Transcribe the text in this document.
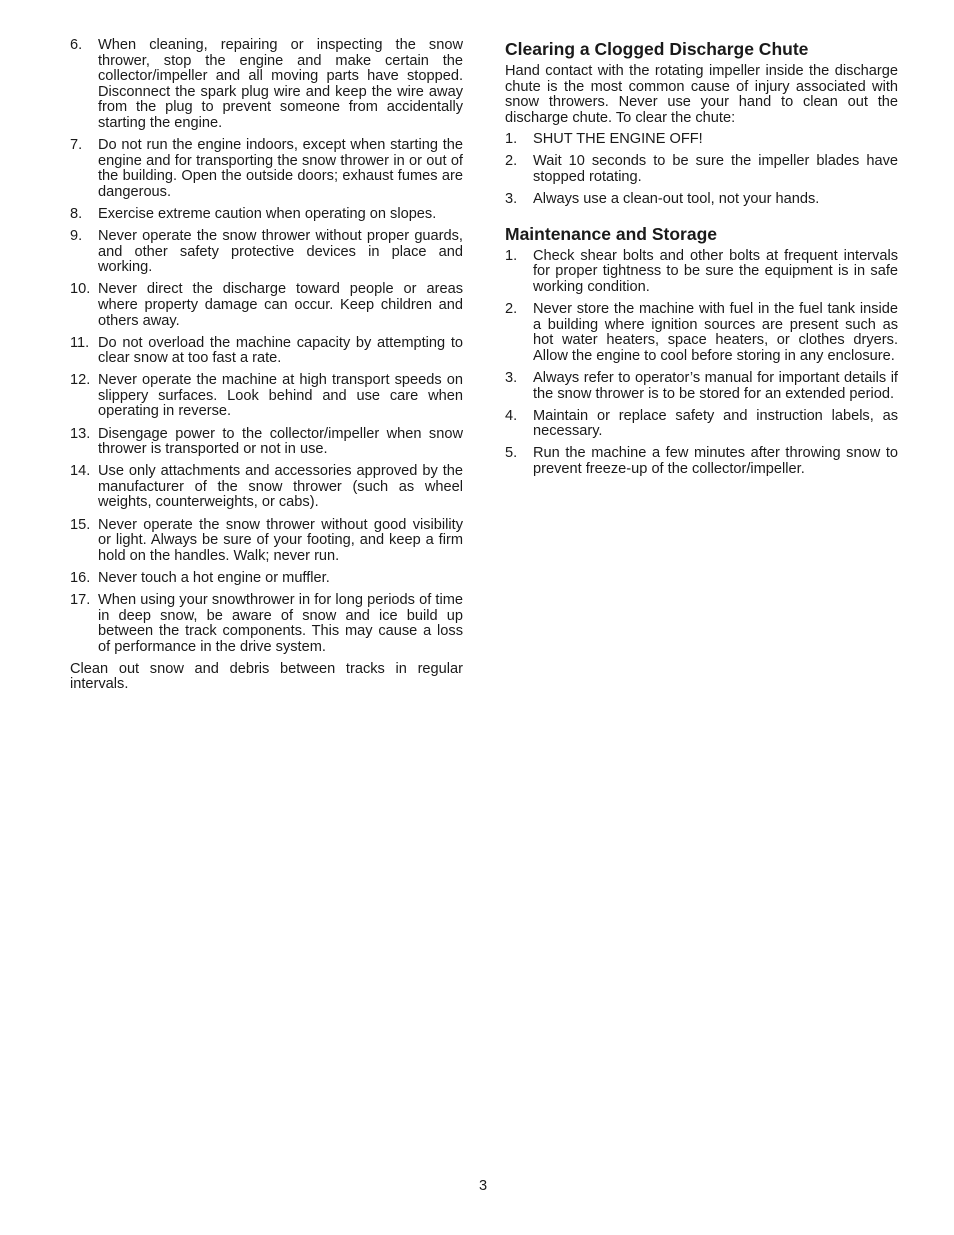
6.	When cleaning, repairing or inspecting the snow thrower, stop the engine and make certain the collector/impeller and all moving parts have stopped. Disconnect the spark plug wire and keep the wire away from the plug to prevent someone from accidentally starting the engine.
7.	Do not run the engine indoors, except when starting the engine and for transporting the snow thrower in or out of the building. Open the outside doors; exhaust fumes are dangerous.
8.	Exercise extreme caution when operating on slopes.
9.	Never operate the snow thrower without proper guards, and other safety protective devices in place and working.
10. Never direct the discharge toward people or areas where property damage can occur. Keep children and others away.
11. Do not overload the machine capacity by attempting to clear snow at too fast a rate.
12. Never operate the machine at high transport speeds on slippery surfaces. Look behind and use care when operating in reverse.
13. Disengage power to the collector/impeller when snow thrower is transported or not in use.
14. Use only attachments and accessories approved by the manufacturer of the snow thrower (such as wheel weights, counterweights, or cabs).
15. Never operate the snow thrower without good visibility or light. Always be sure of your footing, and keep a firm hold on the handles. Walk; never run.
16. Never touch a hot engine or muffler.
17. When using your snowthrower in for long periods of time in deep snow, be aware of snow and ice build up between the track components. This may cause a loss of performance in the drive system.

Clean out snow and debris between tracks in regular intervals.

Clearing a Clogged Discharge Chute

Hand contact with the rotating impeller inside the discharge chute is the most common cause of injury associated with snow throwers. Never use your hand to clean out the discharge chute. To clear the chute:

1.	SHUT THE ENGINE OFF!
2.	Wait 10 seconds to be sure the impeller blades have stopped rotating.
3.	Always use a clean-out tool, not your hands.
Maintenance and Storage
1.	Check shear bolts and other bolts at frequent intervals for proper tightness to be sure the equipment is in safe working condition.
2.	Never store the machine with fuel in the fuel tank inside a building where ignition sources are present such as hot water heaters, space heaters, or clothes dryers. Allow the engine to cool before storing in any enclosure.
3.	Always refer to operator’s manual for important details if the snow thrower is to be stored for an extended period.
4.	Maintain or replace safety and instruction labels, as necessary.
5.	Run the machine a few minutes after throwing snow to prevent freeze-up of the collector/impeller.
3
